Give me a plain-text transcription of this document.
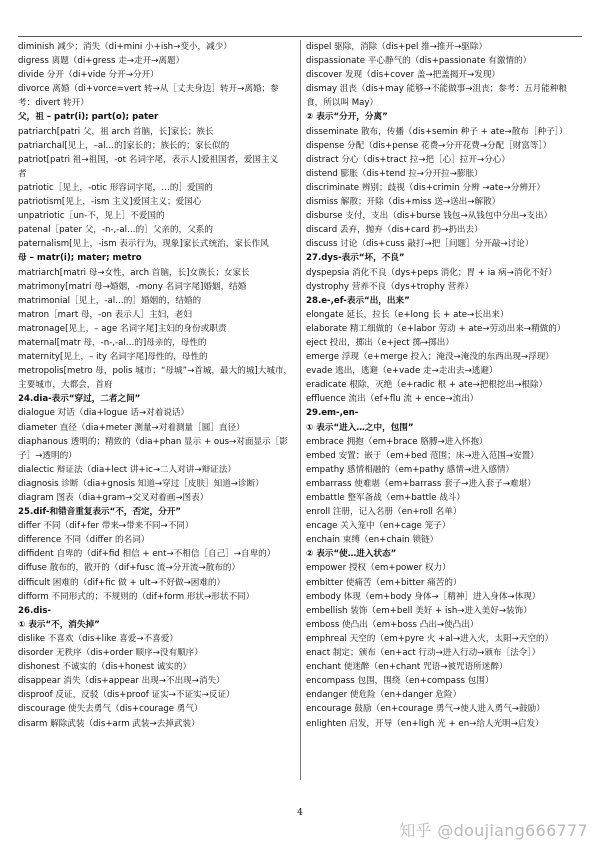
diminish 减少；消失（di+mini 小+ish→变小，减少）
digress 离题（di+gress 走→走开→离题）
divide 分开（di+vide 分开→分开）
divorce 离婚（di+vorce=vert 转→从［丈夫身边］转开→离婚；参
考：divert 转开）
父，祖 – patr(i); part(o); pater
patriarch[patri 父，祖 arch 首脑，长]家长；族长
patriarchal[见上，–al…的]家长的；族长的；家长似的
patriot[patri 祖→祖国，-ot 名词字尾，表示人]爱祖国者，爱国主义
者
patriotic［见上，-otic 形容词字尾，…的］爱国的
patriotism[见上，-ism 主义]爱国主义；爱国心
unpatriotic［un-不，见上］不爱国的
patenal［pater 父，-n-,-al…的］父亲的，父系的
paternalism[见上，-ism 表示行为，现象]家长式统治，家长作风
母 – matr(i); mater; metro
matriarch[matri 母→女性，arch 首脑，长]女族长；女家长
matrimony[matri 母→婚姻，-mony 名词字尾]婚姻，结婚
matrimonial［见上，-al…的］婚姻的，结婚的
matron［mart 母，-on 表示人］主妇，老妇
matronage[见上，– age 名词字尾]主妇的身份或职责
maternal[matr 母，-n-,-al…的]母亲的，母性的
maternity[见上，– ity 名词字尾]母性的，母性的
metropolis[metro 母，polis 城市；“母城”→首城，最大的城]大城市，
主要城市，大都会，首府
24.dia-表示“穿过，二者之间”
dialogue 对话（dia+logue 话→对着说话）
diameter 直径（dia+meter 测量→对着测量［圆］直径）
diaphanous 透明的；精致的（dia+phan 显示 + ous→对面显示［影
子］→透明的）
dialectic 辩证法（dia+lect 讲+ic→二人对讲→辩证法）
diagnosis 诊断（dia+gnosis 知道→穿过［皮肤］知道→诊断）
diagram 图表（dia+gram→交叉对着画→图表）
25.dif-和错音重复表示“不，否定，分开”
differ 不同（dif+fer 带来→带来不同→不同）
difference 不同（differ 的名词）
diffident 自卑的（dif+fid 相信 + ent→不相信［自己］→自卑的）
diffuse 散布的，散开的（dif+fusc 流→分开流→散布的）
difficult 困难的（dif+fic 做 + ult→不好做→困难的）
difform 不同形式的；不规则的（dif+form 形状→形状不同）
26.dis-
① 表示“不，消失掉”
dislike 不喜欢（dis+like 喜爱→不喜爱）
disorder 无秩序（dis+order 顺序→没有顺序）
dishonest 不诚实的（dis+honest 诚实的）
disappear 消失（dis+appear 出现→不出现→消失）
disproof 反证，反驳（dis+proof 证实→不证实→反证）
discourage 使失去勇气（dis+courage 勇气）
disarm 解除武装（dis+arm 武装→去掉武装）
dispel 驱除，消除（dis+pel 推→推开→驱除）
dispassionate 平心静气的（dis+passionate 有激情的）
discover 发现（dis+cover 盖→把盖揭开→发现）
dismay 沮丧（dis+may 能够→不能做事→沮丧；参考：五月能种粮
食，所以叫 May）
② 表示“分开，分离”
disseminate 散布，传播（dis+semin 种子 + ate→散布［种子］）
dispense 分配（dis+pense 花费→分开花费→分配［财富等］）
distract 分心（dis+tract 拉→把［心］拉开→分心）
distend 膨胀（dis+tend 拉→分开拉→膨胀）
discriminate 辨别；歧视（dis+crimin 分辨 →ate→分辨开）
dismiss 解散；开除（dis+miss 送→送出→解散）
disburse 支付，支出（dis+burse 钱包→从钱包中分出→支出）
discard 丢弃，抛弃（dis+card 扔→扔出去）
discuss 讨论（dis+cuss 敲打→把［问题］分开敲→讨论）
27.dys-表示“坏，不良”
dyspepsia 消化不良（dys+peps 消化；胃 + ia 病→消化不好）
dystrophy 营养不良（dys+trophy 营养）
28.e-,ef-表示“出，出来”
elongate 延长，拉长（e+long 长 + ate→长出来）
elaborate 精工细做的（e+labor 劳动 + ate→劳动出来→精做的）
eject 投出，掷出（e+ject 掷→掷出）
emerge 浮现（e+merge 投入；淹没→淹没的东西出现→浮现）
evade 逃出，逃避（e+vade 走→走出去→逃避）
eradicate 根除，灭绝（e+radic 根 + ate→把根挖出→根除）
effluence 流出（ef+flu 流 + ence→流出）
29.em-,en-
① 表示“进入…之中，包围”
embrace 拥抱（em+brace 胳膊→进入怀抱）
embed 安置；嵌于（em+bed 范围；床→进入范围→安置）
empathy 感情相融的（em+pathy 感情→进入感情）
embarrass 使难堪（em+barrass 套子→进入套子→难堪）
embattle 整军备战（em+battle 战斗）
enroll 注册，记入名册（en+roll 名单）
encage 关入笼中（en+cage 笼子）
enchain 束缚（en+chain 锁链）
② 表示“使…进入状态”
empower 授权（em+power 权力）
embitter 使痛苦（em+bitter 痛苦的）
embody 体现（em+body 身体→［精神］进入身体→体现）
embellish 装饰（em+bell 美好 + ish→进入美好→装饰）
emboss 使凸出（em+boss 凸出→使凸出）
emphreal 天空的（em+pyre 火 +al→进入火，太阳→天空的）
enact 制定；颁布（en+act 行动→进入行动→颁布［法令］）
enchant 使迷醉（en+chant 咒语→被咒语所迷醉）
encompass 包围，围绕（en+compass 包围）
endanger 使危险（en+danger 危险）
encourage 鼓励（en+courage 勇气→使人进入勇气→鼓励）
enlighten 启发，开导（en+ligh 光 + en→给人光明→启发）
4
知乎 @doujiang666777
